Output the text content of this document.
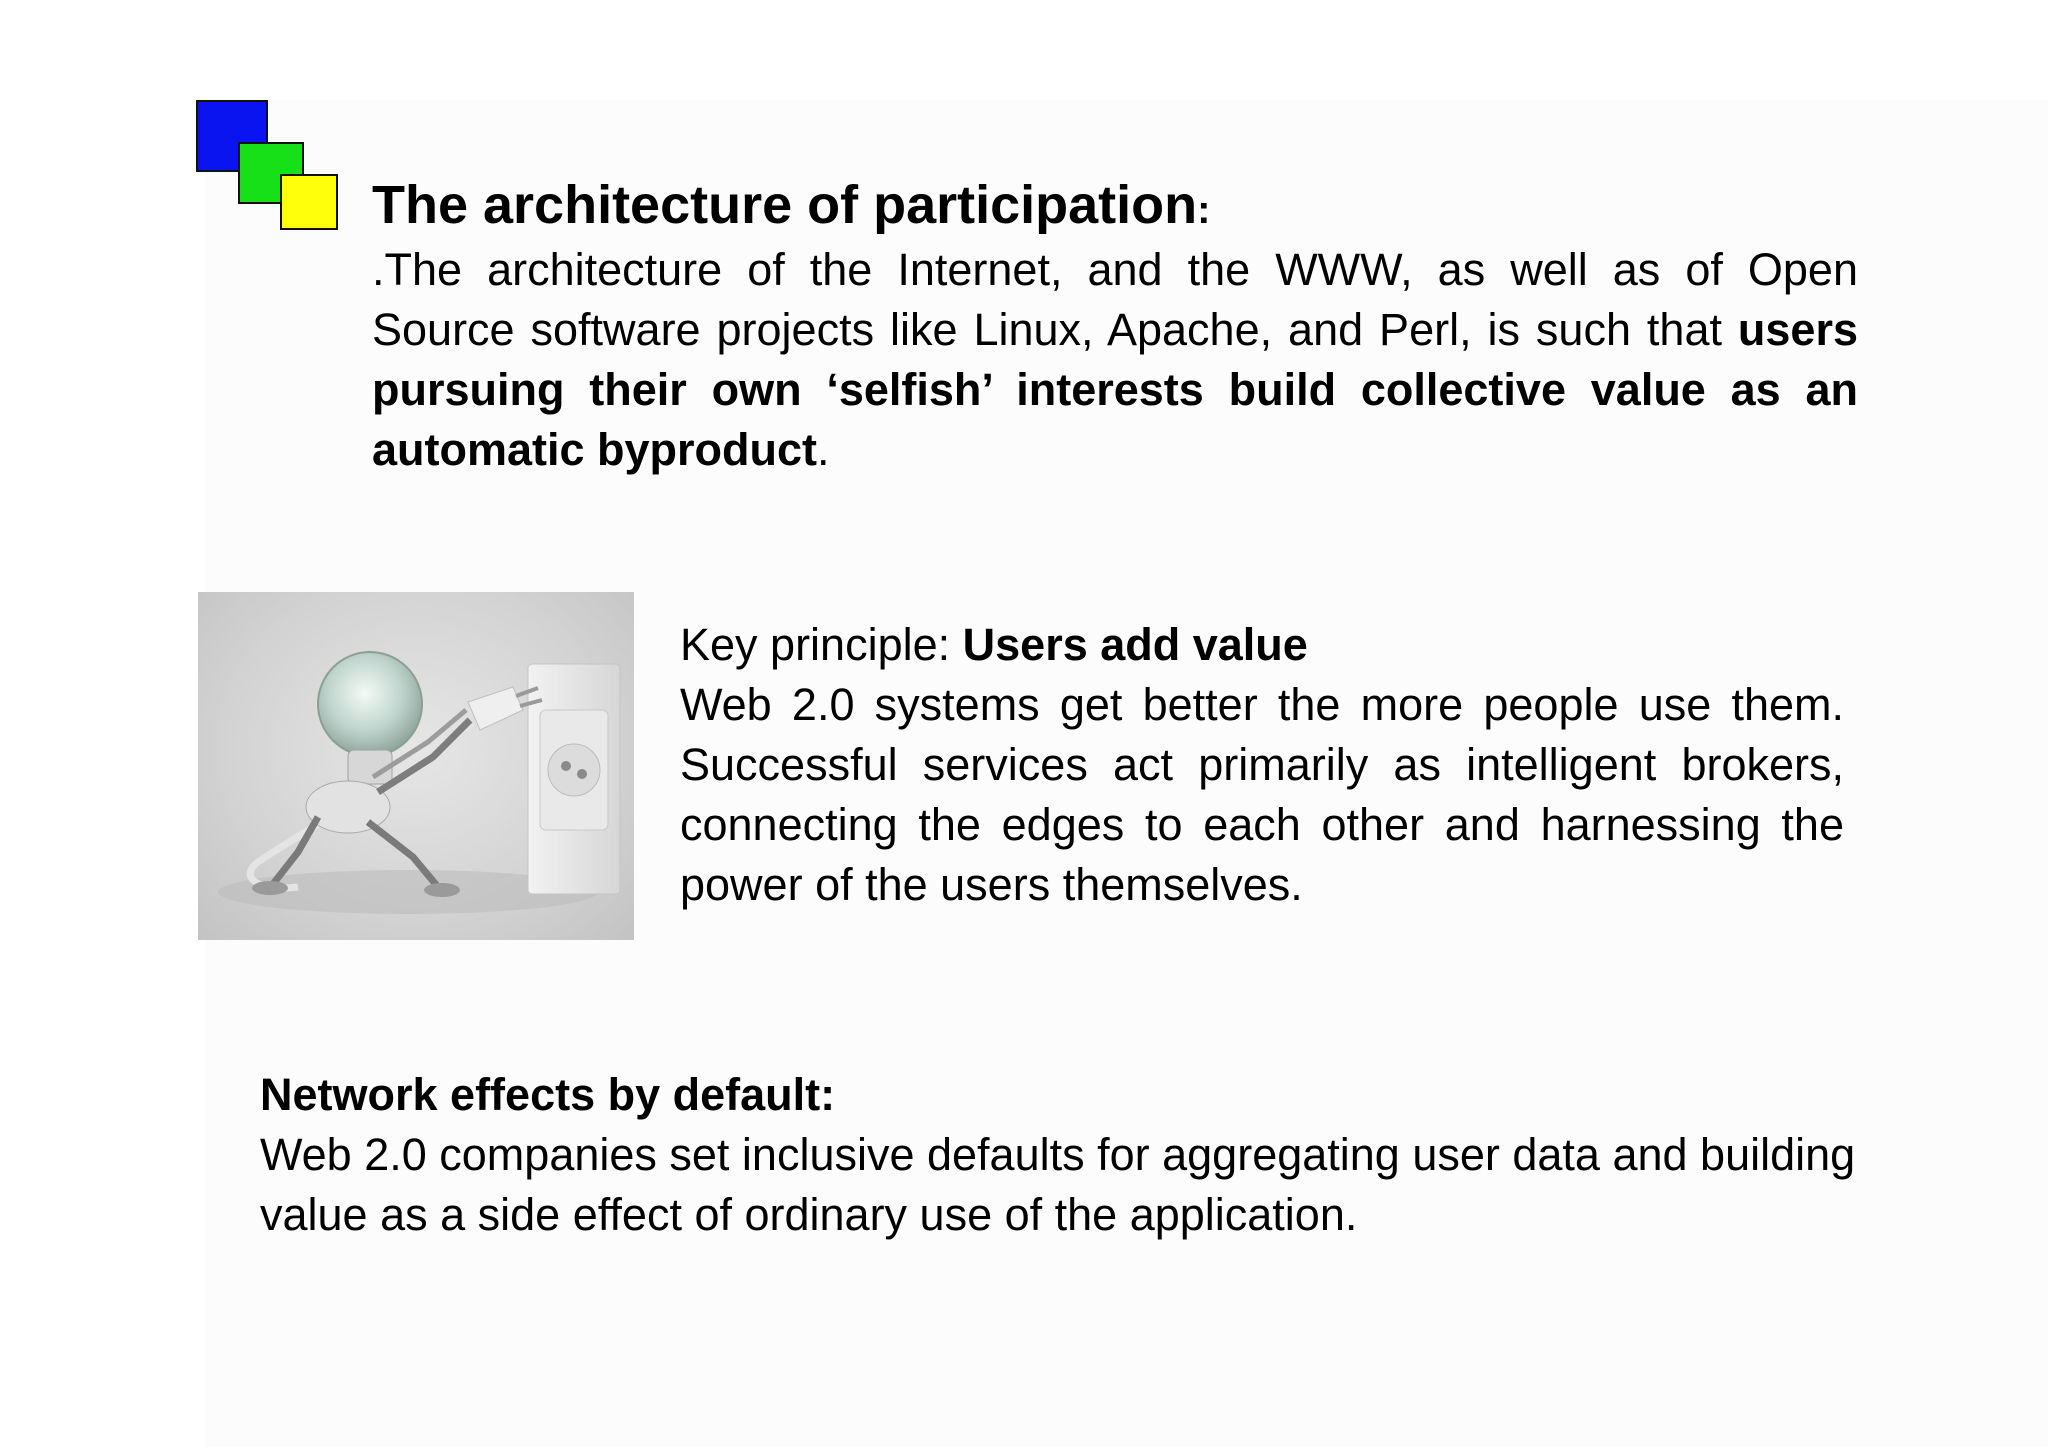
The architecture of participation:

.The architecture of the Internet, and the WWW, as well as of Open Source software projects like Linux, Apache, and Perl, is such that users pursuing their own ‘selfish’ interests build collective value as an automatic byproduct.

Key principle: Users add value

Web 2.0 systems get better the more people use them. Successful services act primarily as intelligent brokers, connecting the edges to each other and harnessing the power of the users themselves.

Network effects by default:

Web 2.0 companies set inclusive defaults for aggregating user data and building value as a side effect of ordinary use of the application.
